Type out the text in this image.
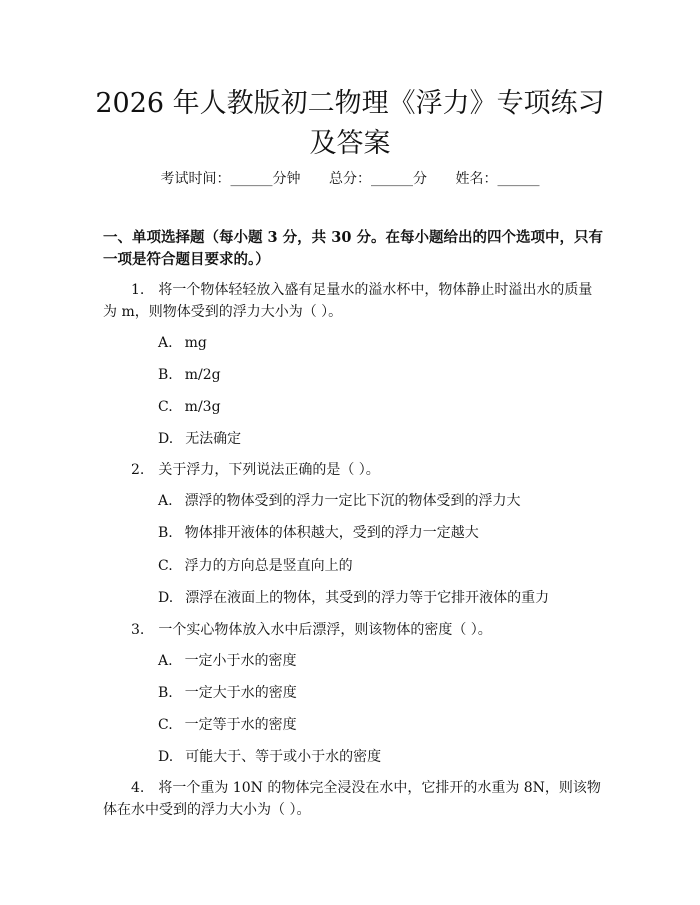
2026 年人教版初二物理《浮力》专项练习及答案
考试时间：______分钟 总分：______分 姓名：______
一、单项选择题（每小题 3 分，共 30 分。在每小题给出的四个选项中，只有一项是符合题目要求的。）

1. 将一个物体轻轻放入盛有足量水的溢水杯中，物体静止时溢出水的质量为 m，则物体受到的浮力大小为（ ）。

A. mg

B. m/2g

C. m/3g

D. 无法确定

2. 关于浮力，下列说法正确的是（ ）。

A. 漂浮的物体受到的浮力一定比下沉的物体受到的浮力大

B. 物体排开液体的体积越大，受到的浮力一定越大

C. 浮力的方向总是竖直向上的

D. 漂浮在液面上的物体，其受到的浮力等于它排开液体的重力

3. 一个实心物体放入水中后漂浮，则该物体的密度（ ）。

A. 一定小于水的密度

B. 一定大于水的密度

C. 一定等于水的密度

D. 可能大于、等于或小于水的密度

4. 将一个重为 10N 的物体完全浸没在水中，它排开的水重为 8N，则该物体在水中受到的浮力大小为（ ）。
